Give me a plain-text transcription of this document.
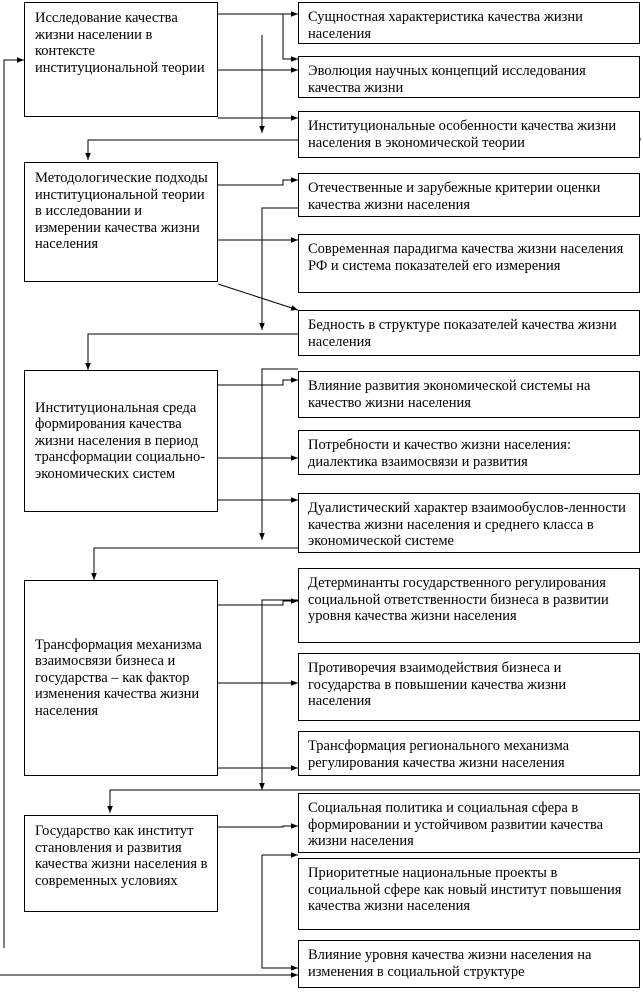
Исследование качества жизни населении в контексте институциональной теории
Сущностная характеристика качества жизни населения
Эволюция научных концепций исследования качества жизни
Институциональные особенности качества жизни населения в экономической теории
Методологические подходы институциональной теории в исследовании и измерении качества жизни населения
Отечественные и зарубежные критерии оценки качества жизни населения
Современная парадигма качества жизни населения РФ и система показателей его измерения
Бедность в структуре показателей качества жизни населения
Институциональная среда формирования качества жизни населения в период трансформации социально-экономических систем
Влияние развития экономической системы на качество жизни населения
Потребности и качество жизни населения: диалектика взаимосвязи и развития
Дуалистический характер взаимообуслов-ленности качества жизни населения и среднего класса в экономической системе
Трансформация механизма взаимосвязи бизнеса и государства – как фактор изменения качества жизни населения
Детерминанты государственного регулирования социальной ответственности бизнеса в развитии уровня качества жизни населения
Противоречия взаимодействия бизнеса и государства в повышении качества жизни населения
Трансформация регионального механизма регулирования качества жизни населения
Государство как институт становления и развития качества жизни населения в современных условиях
Социальная политика и социальная сфера в формировании и устойчивом развитии качества жизни населения
Приоритетные национальные проекты в социальной сфере как новый институт повышения качества жизни населения
Влияние уровня качества жизни населения на изменения в социальной структуре
